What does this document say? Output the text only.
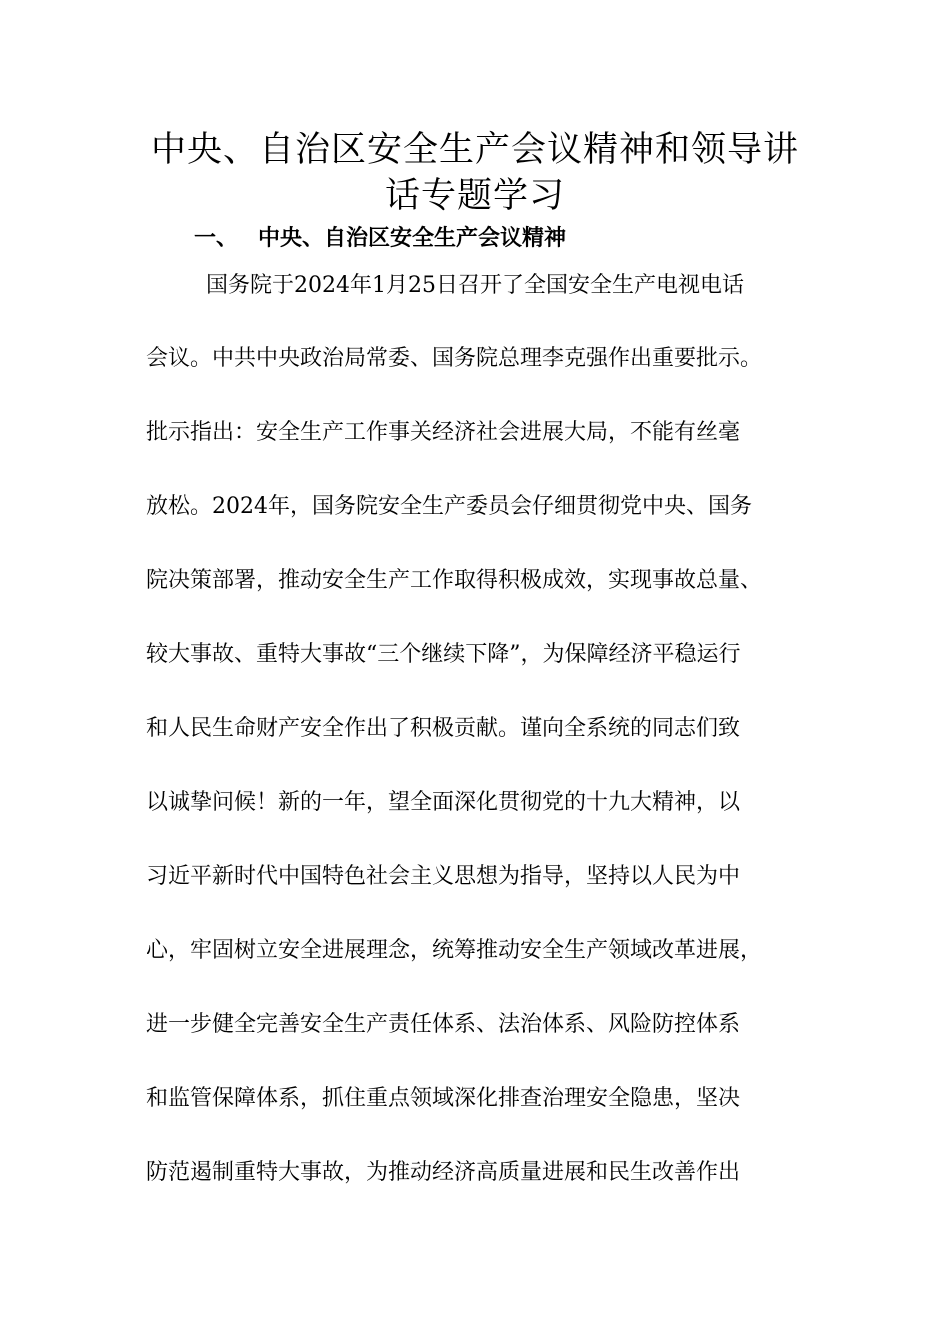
中央、自治区安全生产会议精神和领导讲
话专题学习
一、 中央、自治区安全生产会议精神
国务院于2024年1月25日召开了全国安全生产电视电话
会议。中共中央政治局常委、国务院总理李克强作出重要批示。
批示指出：安全生产工作事关经济社会进展大局，不能有丝毫
放松。2024年，国务院安全生产委员会仔细贯彻党中央、国务
院决策部署，推动安全生产工作取得积极成效，实现事故总量、
较大事故、重特大事故“三个继续下降”，为保障经济平稳运行
和人民生命财产安全作出了积极贡献。谨向全系统的同志们致
以诚挚问候！新的一年，望全面深化贯彻党的十九大精神，以
习近平新时代中国特色社会主义思想为指导，坚持以人民为中
心，牢固树立安全进展理念，统筹推动安全生产领域改革进展，
进一步健全完善安全生产责任体系、法治体系、风险防控体系
和监管保障体系，抓住重点领域深化排查治理安全隐患，坚决
防范遏制重特大事故，为推动经济高质量进展和民生改善作出
